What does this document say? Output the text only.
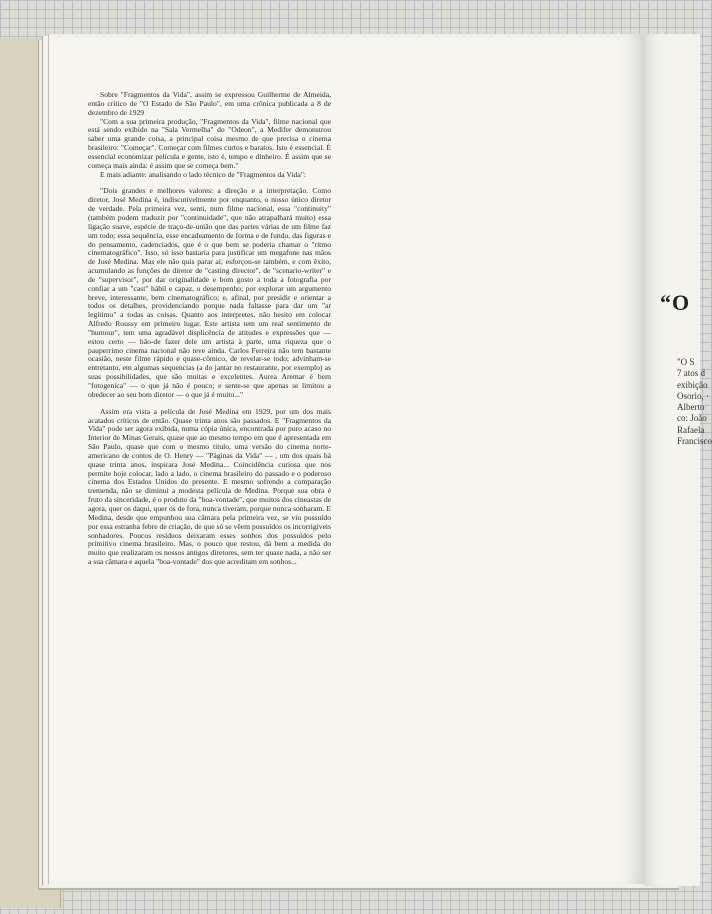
Sobre "Fragmentos da Vida", assim se expressou Guilherme de Almeida, então crítico de "O Estado de São Paulo", em uma crônica publicada a 8 de dezembro de 1929

"Com a sua primeira produção, "Fragmentos da Vida", filme nacional que está sendo exibido na "Sala Vermelha" do "Odeon", a Medifer demonstrou saber uma grande coisa, a principal coisa mesmo de que precisa o cinema brasileiro: "Começar". Começar com filmes curtos e baratos. Isto é essencial. É essencial economizar película e gente, isto é, tempo e dinheiro. É assim que se começa mais ainda: é assim que se começa bem."

E mais adiante: analisando o lado técnico de "Fragmentos da Vida":

"Dois grandes e melhores valores: a direção e a interpretação. Como diretor, José Medina é, indiscutivelmente por enquanto, o nosso único diretor de verdade. Pela primeira vez, senti, num filme nacional, essa "continuity" (também podem traduzir por "continuidade", que não atrapalhará muito) essa ligação suave, espécie de traço-de-união que das partes várias de um filme faz um todo; essa sequência, esse encadeamento de forma e de fundo, das figuras e do pensamento, cadenciados, que é o que bem se poderia chamar o "ritmo cinematográfico". Isso, só isso bastaria para justificar um megafone nas mãos de José Medina. Mas ele não quis parar aí; esforçou-se também, e com êxito, acumulando as funções de diretor de "casting director", de "scenario-writer" e de "supervisor", por dar originalidade e bom gosto a toda a fotografia por confiar a um "cast" hábil e capaz, o desempenho; por explorar um argumento breve, interessante, bem cinematográfico; e, afinal, por presidir e orientar a todos os detalhes, providenciando porque nada faltasse para dar um "ar legítimo" a todas as coisas. Quanto aos interpretes, não hesito em colocar Alfredo Roussy em primeiro lugar. Este artista tem um real sentimento de "humour", tem uma agradável displicência de atitudes e expressões que — estou certo — hão-de fazer dele um artista à parte, uma riqueza que o pauperrimo cinema nacional não teve ainda. Carlos Ferreira não tem bastante ocasião, neste filme rápido e quase-cômico, de revelar-se todo; advinham-se entretanto, em algumas sequencias (a do jantar no restaurante, por exemplo) as suas possibilidades, que são muitas e excelentes. Aurea Aremar é bem "fotogenica" — o que já não é pouco; e sente-se que apenas se limitou a obedecer ao seu bom diretor — o que já é muito..."

Assim era vista a película de José Medina em 1929, por um dos mais acatados críticos de então. Quase trinta anos são passados. E "Fragmentos da Vida" pode ser agora exibida, numa cópia única, encontrada por puro acaso no Interior de Minas Gerais, quase que ao mesmo tempo em que é apresentada em São Paulo, quase que com o mesmo título, uma versão do cinema norte-americano de contos de O. Henry — "Páginas da Vida" — , um dos quais há quase trinta anos, inspirara José Medina... Coincidência curiosa que nos permite hoje colocar, lado a lado, o cinema brasileiro do passado e o poderoso cinema dos Estados Unidos do presente. E mesmo sofrendo a comparação tremenda, não se diminui a modesta película de Medina. Porque sua obra é fruto da sinceridade, é o produto da "boa-vontade", que muitos dos cineastas de agora, quer os daqui, quer os de fora, nunca tiveram, porque nunca sonharam. E Medina, desde que empunhou sua câmara pela primeira vez, se viu possuído por essa estranha febre de criação, de que só se vêem possuídos os incorrigíveis sonhadores. Poucos resíduos deixaram esses sonhos dos possuídos pelo primitivo cinema brasileiro. Mas, o pouco que restou, dá bem a medida do muito que realizaram os nossos antigos diretores, sem ter quase nada, a não ser a sua câmara e aquela "boa-vontade" dos que acreditam em sonhos...

“O
"O S
7 atos d
exibição
Osorio, ·
Alberto
co: João
Rafaela
Francisco
